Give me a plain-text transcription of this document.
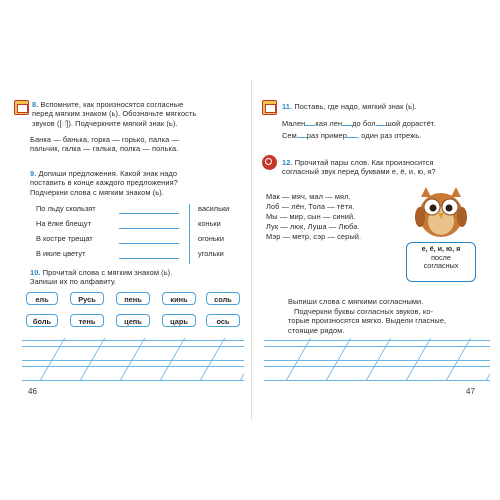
8. Вспомните, как произносятся согласные
перед мягким знаком (ь). Обозначьте мягкость
звуков ([◌̆]). Подчеркните мягкий знак (ь).
Банка — банька, горка — горько, палка —
пальчик, галка — галька, полка — полька.
9. Допиши предложения. Какой знак надо
поставить в конце каждого предложения?
Подчеркни слова с мягким знаком (ь).
По льду скользят	васильки
На ёлке блещут	коньки
В костре трещат	огоньки
В июле цветут	угольки
10. Прочитай слова с мягким знаком (ь).
Запиши их по алфавиту.
ель	Русь	пень	кинь	соль
боль	тень	цепь	царь	ось
46
11. Поставь, где надо, мягкий знак (ь).
Мален кая лен до бол шой дорастёт.
Сем раз пример , один раз отрежь.
12. Прочитай пары слов. Как произносится
согласный звук перед буквами е, ё, и, ю, я?
Мак — мяч, мал — мял.
Лоб — лён, Тола — тётя.
Мы — мир, сын — синий.
Лук — люк, Луша — Люба.
Мэр — метр, сэр — серый.
е, ё, и, ю, я
после
согласных
Выпиши слова с мягкими согласными.
Подчеркни буквы согласных звуков, ко-
торые произносятся мягко. Выдели гласные,
стоящие рядом.
47
